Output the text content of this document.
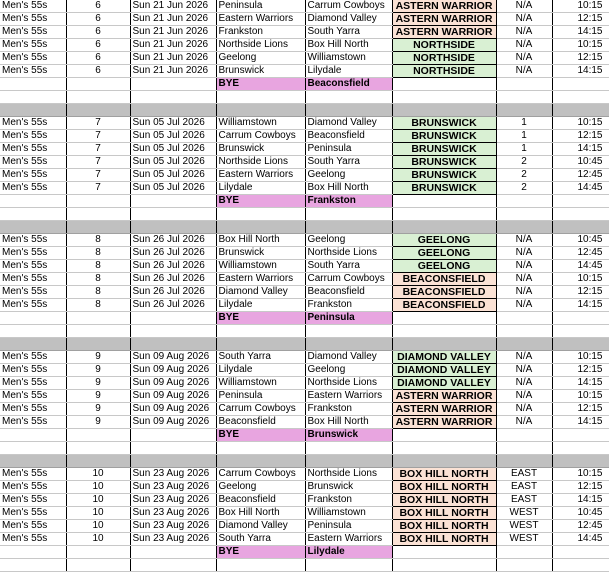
Men's 55s	6	Sun 21 Jun 2026	Peninsula	Carrum Cowboys	ASTERN WARRIOR	N/A	10:15
Men's 55s	6	Sun 21 Jun 2026	Eastern Warriors	Diamond Valley	ASTERN WARRIOR	N/A	12:15
Men's 55s	6	Sun 21 Jun 2026	Frankston	South Yarra	ASTERN WARRIOR	N/A	14:15
Men's 55s	6	Sun 21 Jun 2026	Northside Lions	Box Hill North	NORTHSIDE	N/A	10:15
Men's 55s	6	Sun 21 Jun 2026	Geelong	Williamstown	NORTHSIDE	N/A	12:15
Men's 55s	6	Sun 21 Jun 2026	Brunswick	Lilydale	NORTHSIDE	N/A	14:15
			BYE	Beaconsfield			

Men's 55s	7	Sun 05 Jul 2026	Williamstown	Diamond Valley	BRUNSWICK	1	10:15
Men's 55s	7	Sun 05 Jul 2026	Carrum Cowboys	Beaconsfield	BRUNSWICK	1	12:15
Men's 55s	7	Sun 05 Jul 2026	Brunswick	Peninsula	BRUNSWICK	1	14:15
Men's 55s	7	Sun 05 Jul 2026	Northside Lions	South Yarra	BRUNSWICK	2	10:45
Men's 55s	7	Sun 05 Jul 2026	Eastern Warriors	Geelong	BRUNSWICK	2	12:45
Men's 55s	7	Sun 05 Jul 2026	Lilydale	Box Hill North	BRUNSWICK	2	14:45
			BYE	Frankston			

Men's 55s	8	Sun 26 Jul 2026	Box Hill North	Geelong	GEELONG	N/A	10:45
Men's 55s	8	Sun 26 Jul 2026	Brunswick	Northside Lions	GEELONG	N/A	12:45
Men's 55s	8	Sun 26 Jul 2026	Williamstown	South Yarra	GEELONG	N/A	14:45
Men's 55s	8	Sun 26 Jul 2026	Eastern Warriors	Carrum Cowboys	BEACONSFIELD	N/A	10:15
Men's 55s	8	Sun 26 Jul 2026	Diamond Valley	Beaconsfield	BEACONSFIELD	N/A	12:15
Men's 55s	8	Sun 26 Jul 2026	Lilydale	Frankston	BEACONSFIELD	N/A	14:15
			BYE	Peninsula			

Men's 55s	9	Sun 09 Aug 2026	South Yarra	Diamond Valley	DIAMOND VALLEY	N/A	10:15
Men's 55s	9	Sun 09 Aug 2026	Lilydale	Geelong	DIAMOND VALLEY	N/A	12:15
Men's 55s	9	Sun 09 Aug 2026	Williamstown	Northside Lions	DIAMOND VALLEY	N/A	14:15
Men's 55s	9	Sun 09 Aug 2026	Peninsula	Eastern Warriors	ASTERN WARRIOR	N/A	10:15
Men's 55s	9	Sun 09 Aug 2026	Carrum Cowboys	Frankston	ASTERN WARRIOR	N/A	12:15
Men's 55s	9	Sun 09 Aug 2026	Beaconsfield	Box Hill North	ASTERN WARRIOR	N/A	14:15
			BYE	Brunswick			

Men's 55s	10	Sun 23 Aug 2026	Carrum Cowboys	Northside Lions	BOX HILL NORTH	EAST	10:15
Men's 55s	10	Sun 23 Aug 2026	Geelong	Brunswick	BOX HILL NORTH	EAST	12:15
Men's 55s	10	Sun 23 Aug 2026	Beaconsfield	Frankston	BOX HILL NORTH	EAST	14:15
Men's 55s	10	Sun 23 Aug 2026	Box Hill North	Williamstown	BOX HILL NORTH	WEST	10:45
Men's 55s	10	Sun 23 Aug 2026	Diamond Valley	Peninsula	BOX HILL NORTH	WEST	12:45
Men's 55s	10	Sun 23 Aug 2026	South Yarra	Eastern Warriors	BOX HILL NORTH	WEST	14:45
			BYE	Lilydale			
